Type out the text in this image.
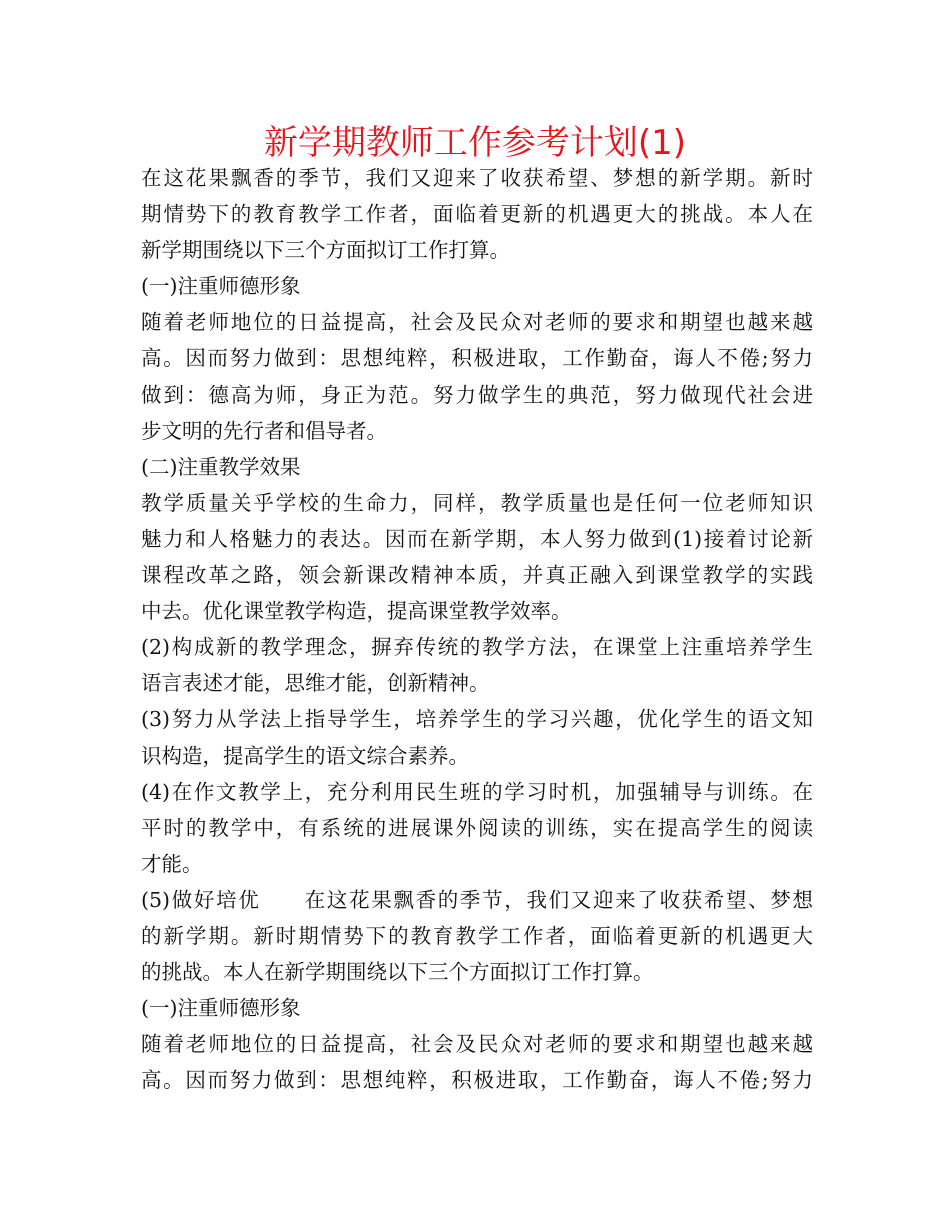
新学期教师工作参考计划(1)
在这花果飘香的季节，我们又迎来了收获希望、梦想的新学期。新时
期情势下的教育教学工作者，面临着更新的机遇更大的挑战。本人在
新学期围绕以下三个方面拟订工作打算。
(一)注重师德形象
随着老师地位的日益提高，社会及民众对老师的要求和期望也越来越
高。因而努力做到：思想纯粹，积极进取，工作勤奋，诲人不倦;努力
做到：德高为师，身正为范。努力做学生的典范，努力做现代社会进
步文明的先行者和倡导者。
(二)注重教学效果
教学质量关乎学校的生命力，同样，教学质量也是任何一位老师知识
魅力和人格魅力的表达。因而在新学期，本人努力做到(1)接着讨论新
课程改革之路，领会新课改精神本质，并真正融入到课堂教学的实践
中去。优化课堂教学构造，提高课堂教学效率。
(2)构成新的教学理念，摒弃传统的教学方法，在课堂上注重培养学生
语言表述才能，思维才能，创新精神。
(3)努力从学法上指导学生，培养学生的学习兴趣，优化学生的语文知
识构造，提高学生的语文综合素养。
(4)在作文教学上，充分利用民生班的学习时机，加强辅导与训练。在
平时的教学中，有系统的进展课外阅读的训练，实在提高学生的阅读
才能。
(5)做好培优　　在这花果飘香的季节，我们又迎来了收获希望、梦想
的新学期。新时期情势下的教育教学工作者，面临着更新的机遇更大
的挑战。本人在新学期围绕以下三个方面拟订工作打算。
(一)注重师德形象
随着老师地位的日益提高，社会及民众对老师的要求和期望也越来越
高。因而努力做到：思想纯粹，积极进取，工作勤奋，诲人不倦;努力
